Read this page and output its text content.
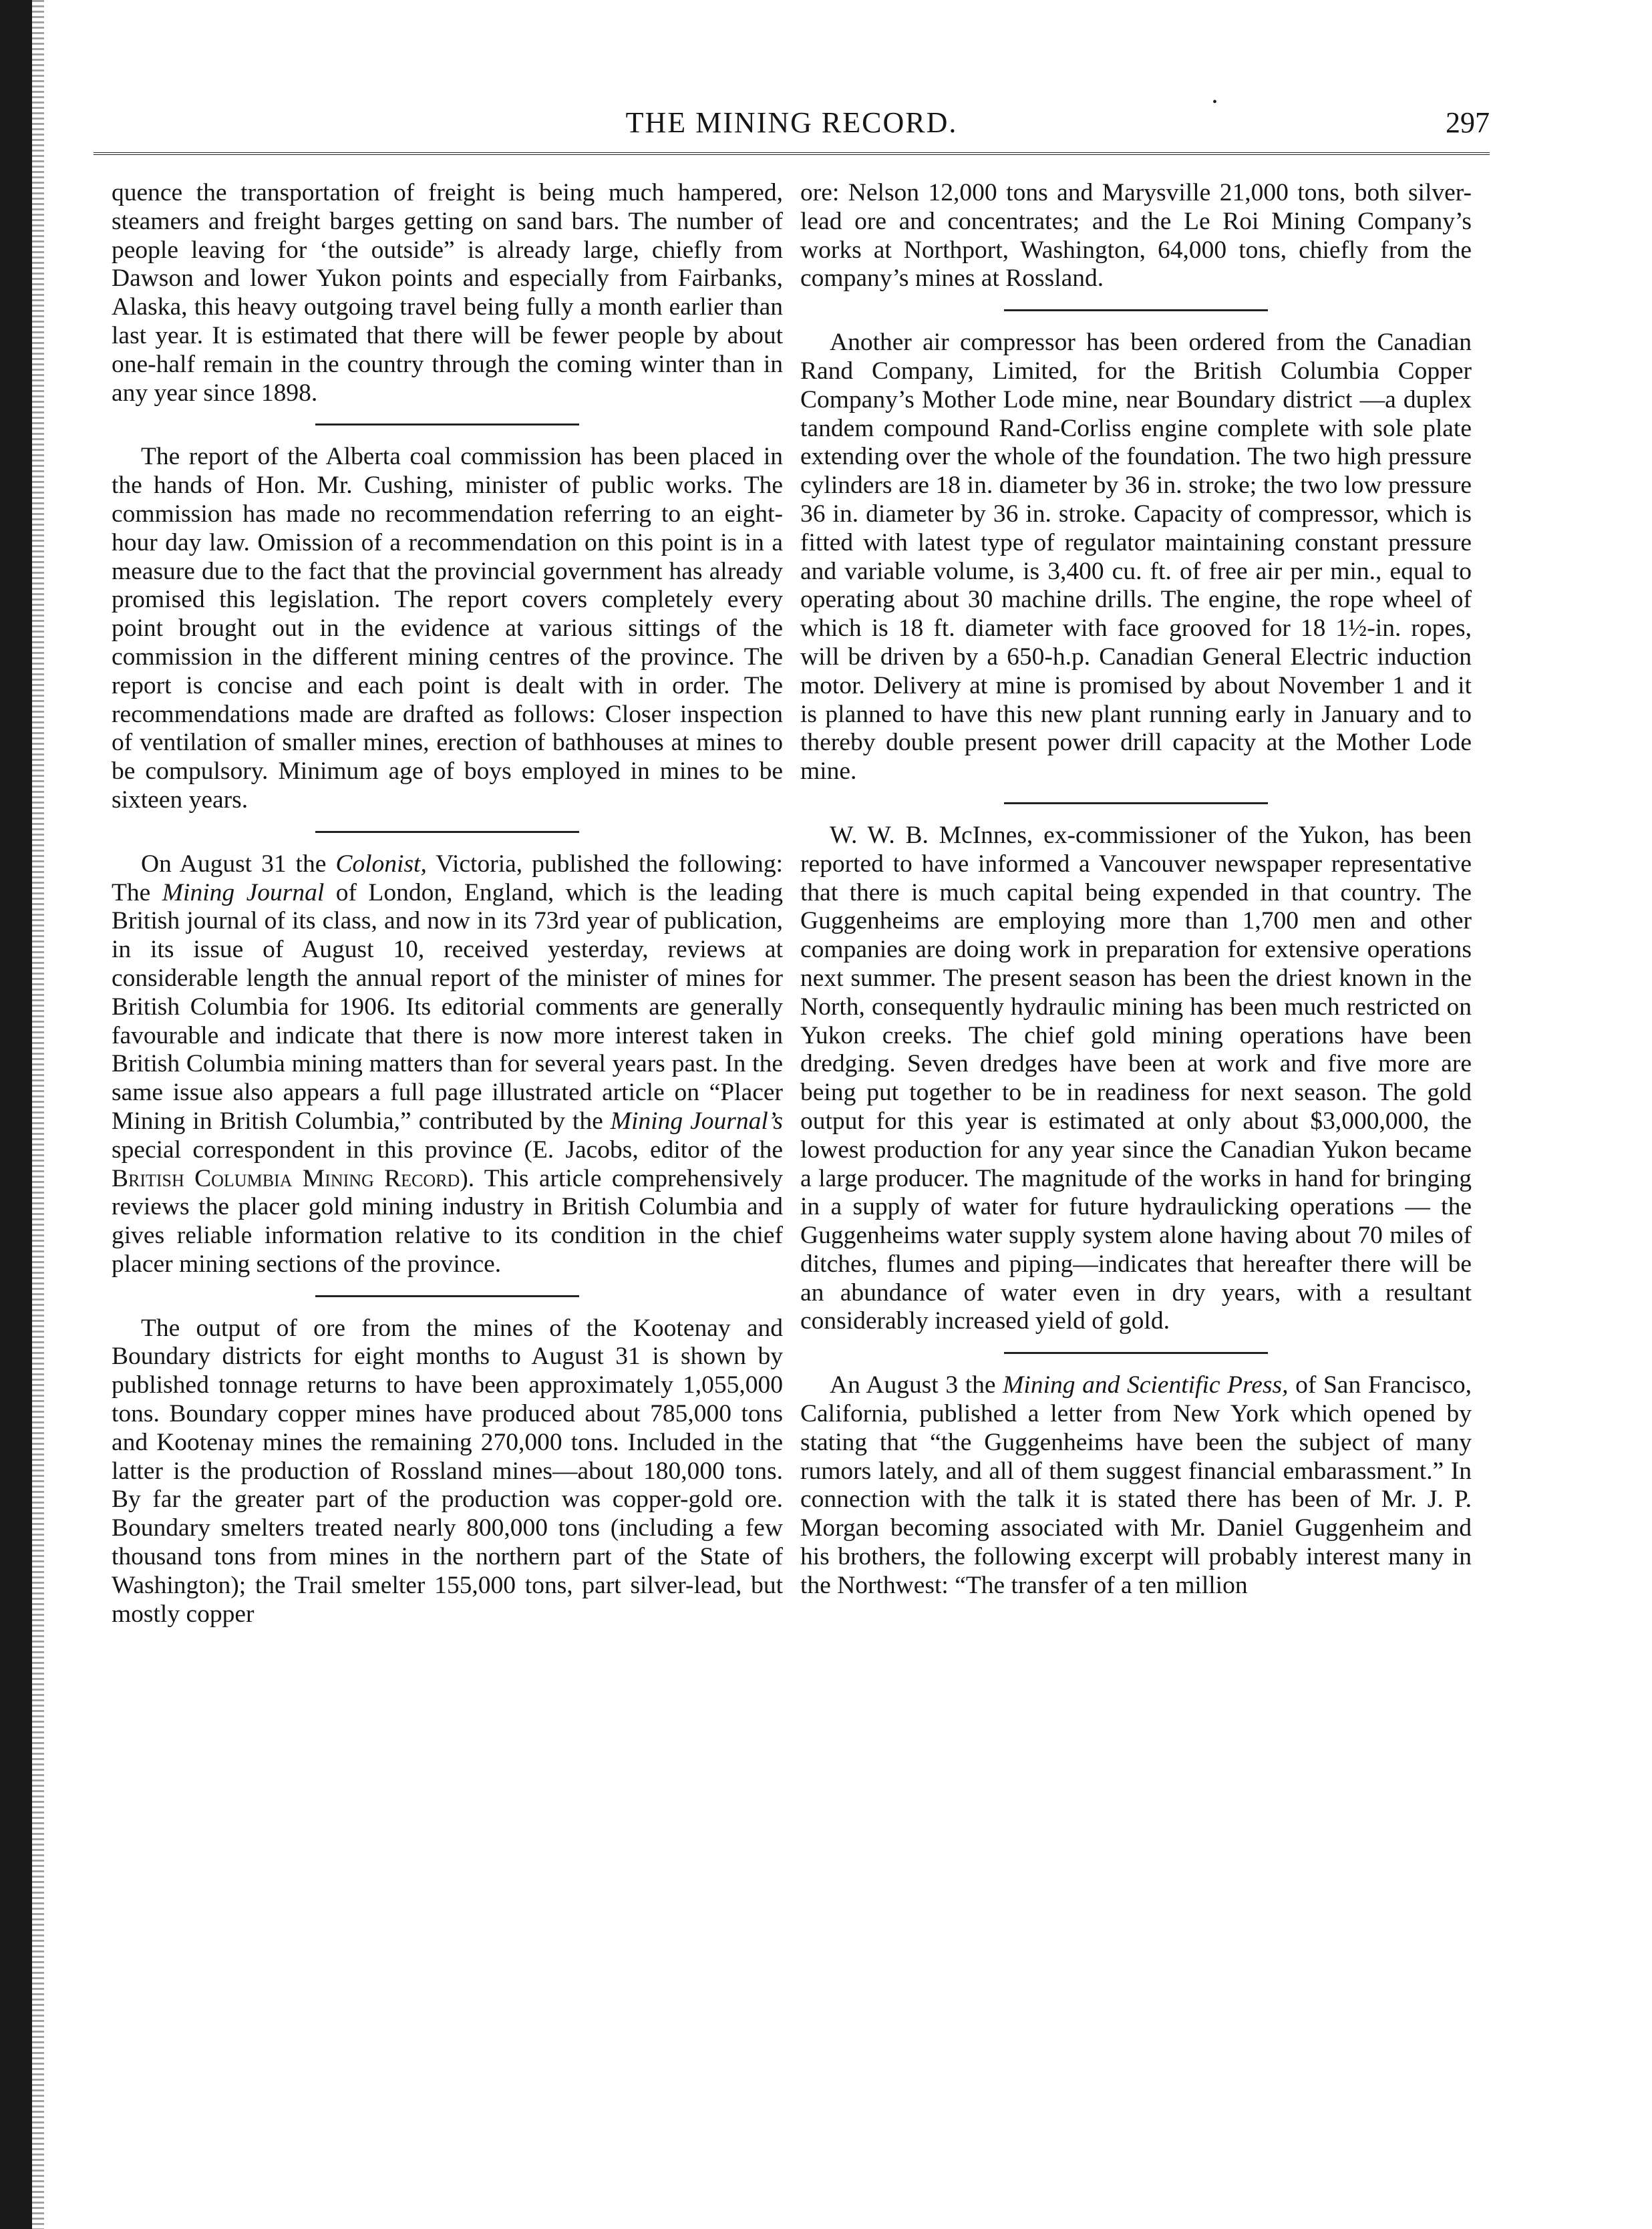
THE MINING RECORD.
•
297

quence the transportation of freight is being much hampered, steamers and freight barges getting on sand bars. The number of people leaving for ‘the outside” is already large, chiefly from Dawson and lower Yukon points and especially from Fairbanks, Alaska, this heavy outgoing travel being fully a month earlier than last year. It is estimated that there will be fewer people by about one-half remain in the country through the coming winter than in any year since 1898.

The report of the Alberta coal commission has been placed in the hands of Hon. Mr. Cushing, minister of public works. The commission has made no recommendation referring to an eight-hour day law. Omission of a recommendation on this point is in a measure due to the fact that the provincial government has already promised this legislation. The report covers completely every point brought out in the evidence at various sittings of the commission in the different mining centres of the province. The report is concise and each point is dealt with in order. The recommendations made are drafted as follows: Closer inspection of ventilation of smaller mines, erection of bathhouses at mines to be compulsory. Minimum age of boys employed in mines to be sixteen years.

On August 31 the Colonist, Victoria, published the following: The Mining Journal of London, England, which is the leading British journal of its class, and now in its 73rd year of publication, in its issue of August 10, received yesterday, reviews at considerable length the annual report of the minister of mines for British Columbia for 1906. Its editorial comments are generally favourable and indicate that there is now more interest taken in British Columbia mining matters than for several years past. In the same issue also appears a full page illustrated article on “Placer Mining in British Columbia,” contributed by the Mining Journal’s special correspondent in this province (E. Jacobs, editor of the British Columbia Mining Record). This article comprehensively reviews the placer gold mining industry in British Columbia and gives reliable information relative to its condition in the chief placer mining sections of the province.

The output of ore from the mines of the Kootenay and Boundary districts for eight months to August 31 is shown by published tonnage returns to have been approximately 1,055,000 tons. Boundary copper mines have produced about 785,000 tons and Kootenay mines the remaining 270,000 tons. Included in the latter is the production of Rossland mines—about 180,000 tons. By far the greater part of the production was copper-gold ore. Boundary smelters treated nearly 800,000 tons (including a few thousand tons from mines in the northern part of the State of Washington); the Trail smelter 155,000 tons, part silver-lead, but mostly copper

ore: Nelson 12,000 tons and Marysville 21,000 tons, both silver-lead ore and concentrates; and the Le Roi Mining Company’s works at Northport, Washington, 64,000 tons, chiefly from the company’s mines at Rossland.

Another air compressor has been ordered from the Canadian Rand Company, Limited, for the British Columbia Copper Company’s Mother Lode mine, near Boundary district —a duplex tandem compound Rand-Corliss engine complete with sole plate extending over the whole of the foundation. The two high pressure cylinders are 18 in. diameter by 36 in. stroke; the two low pressure 36 in. diameter by 36 in. stroke. Capacity of compressor, which is fitted with latest type of regulator maintaining constant pressure and variable volume, is 3,400 cu. ft. of free air per min., equal to operating about 30 machine drills. The engine, the rope wheel of which is 18 ft. diameter with face grooved for 18 1½-in. ropes, will be driven by a 650-h.p. Canadian General Electric induction motor. Delivery at mine is promised by about November 1 and it is planned to have this new plant running early in January and to thereby double present power drill capacity at the Mother Lode mine.

W. W. B. McInnes, ex-commissioner of the Yukon, has been reported to have informed a Vancouver newspaper representative that there is much capital being expended in that country. The Guggenheims are employing more than 1,700 men and other companies are doing work in preparation for extensive operations next summer. The present season has been the driest known in the North, consequently hydraulic mining has been much restricted on Yukon creeks. The chief gold mining operations have been dredging. Seven dredges have been at work and five more are being put together to be in readiness for next season. The gold output for this year is estimated at only about $3,000,000, the lowest production for any year since the Canadian Yukon became a large producer. The magnitude of the works in hand for bringing in a supply of water for future hydraulicking operations — the Guggenheims water supply system alone having about 70 miles of ditches, flumes and piping—indicates that hereafter there will be an abundance of water even in dry years, with a resultant considerably increased yield of gold.

An August 3 the Mining and Scientific Press, of San Francisco, California, published a letter from New York which opened by stating that “the Guggenheims have been the subject of many rumors lately, and all of them suggest financial embarassment.” In connection with the talk it is stated there has been of Mr. J. P. Morgan becoming associated with Mr. Daniel Guggenheim and his brothers, the following excerpt will probably interest many in the Northwest: “The transfer of a ten million
